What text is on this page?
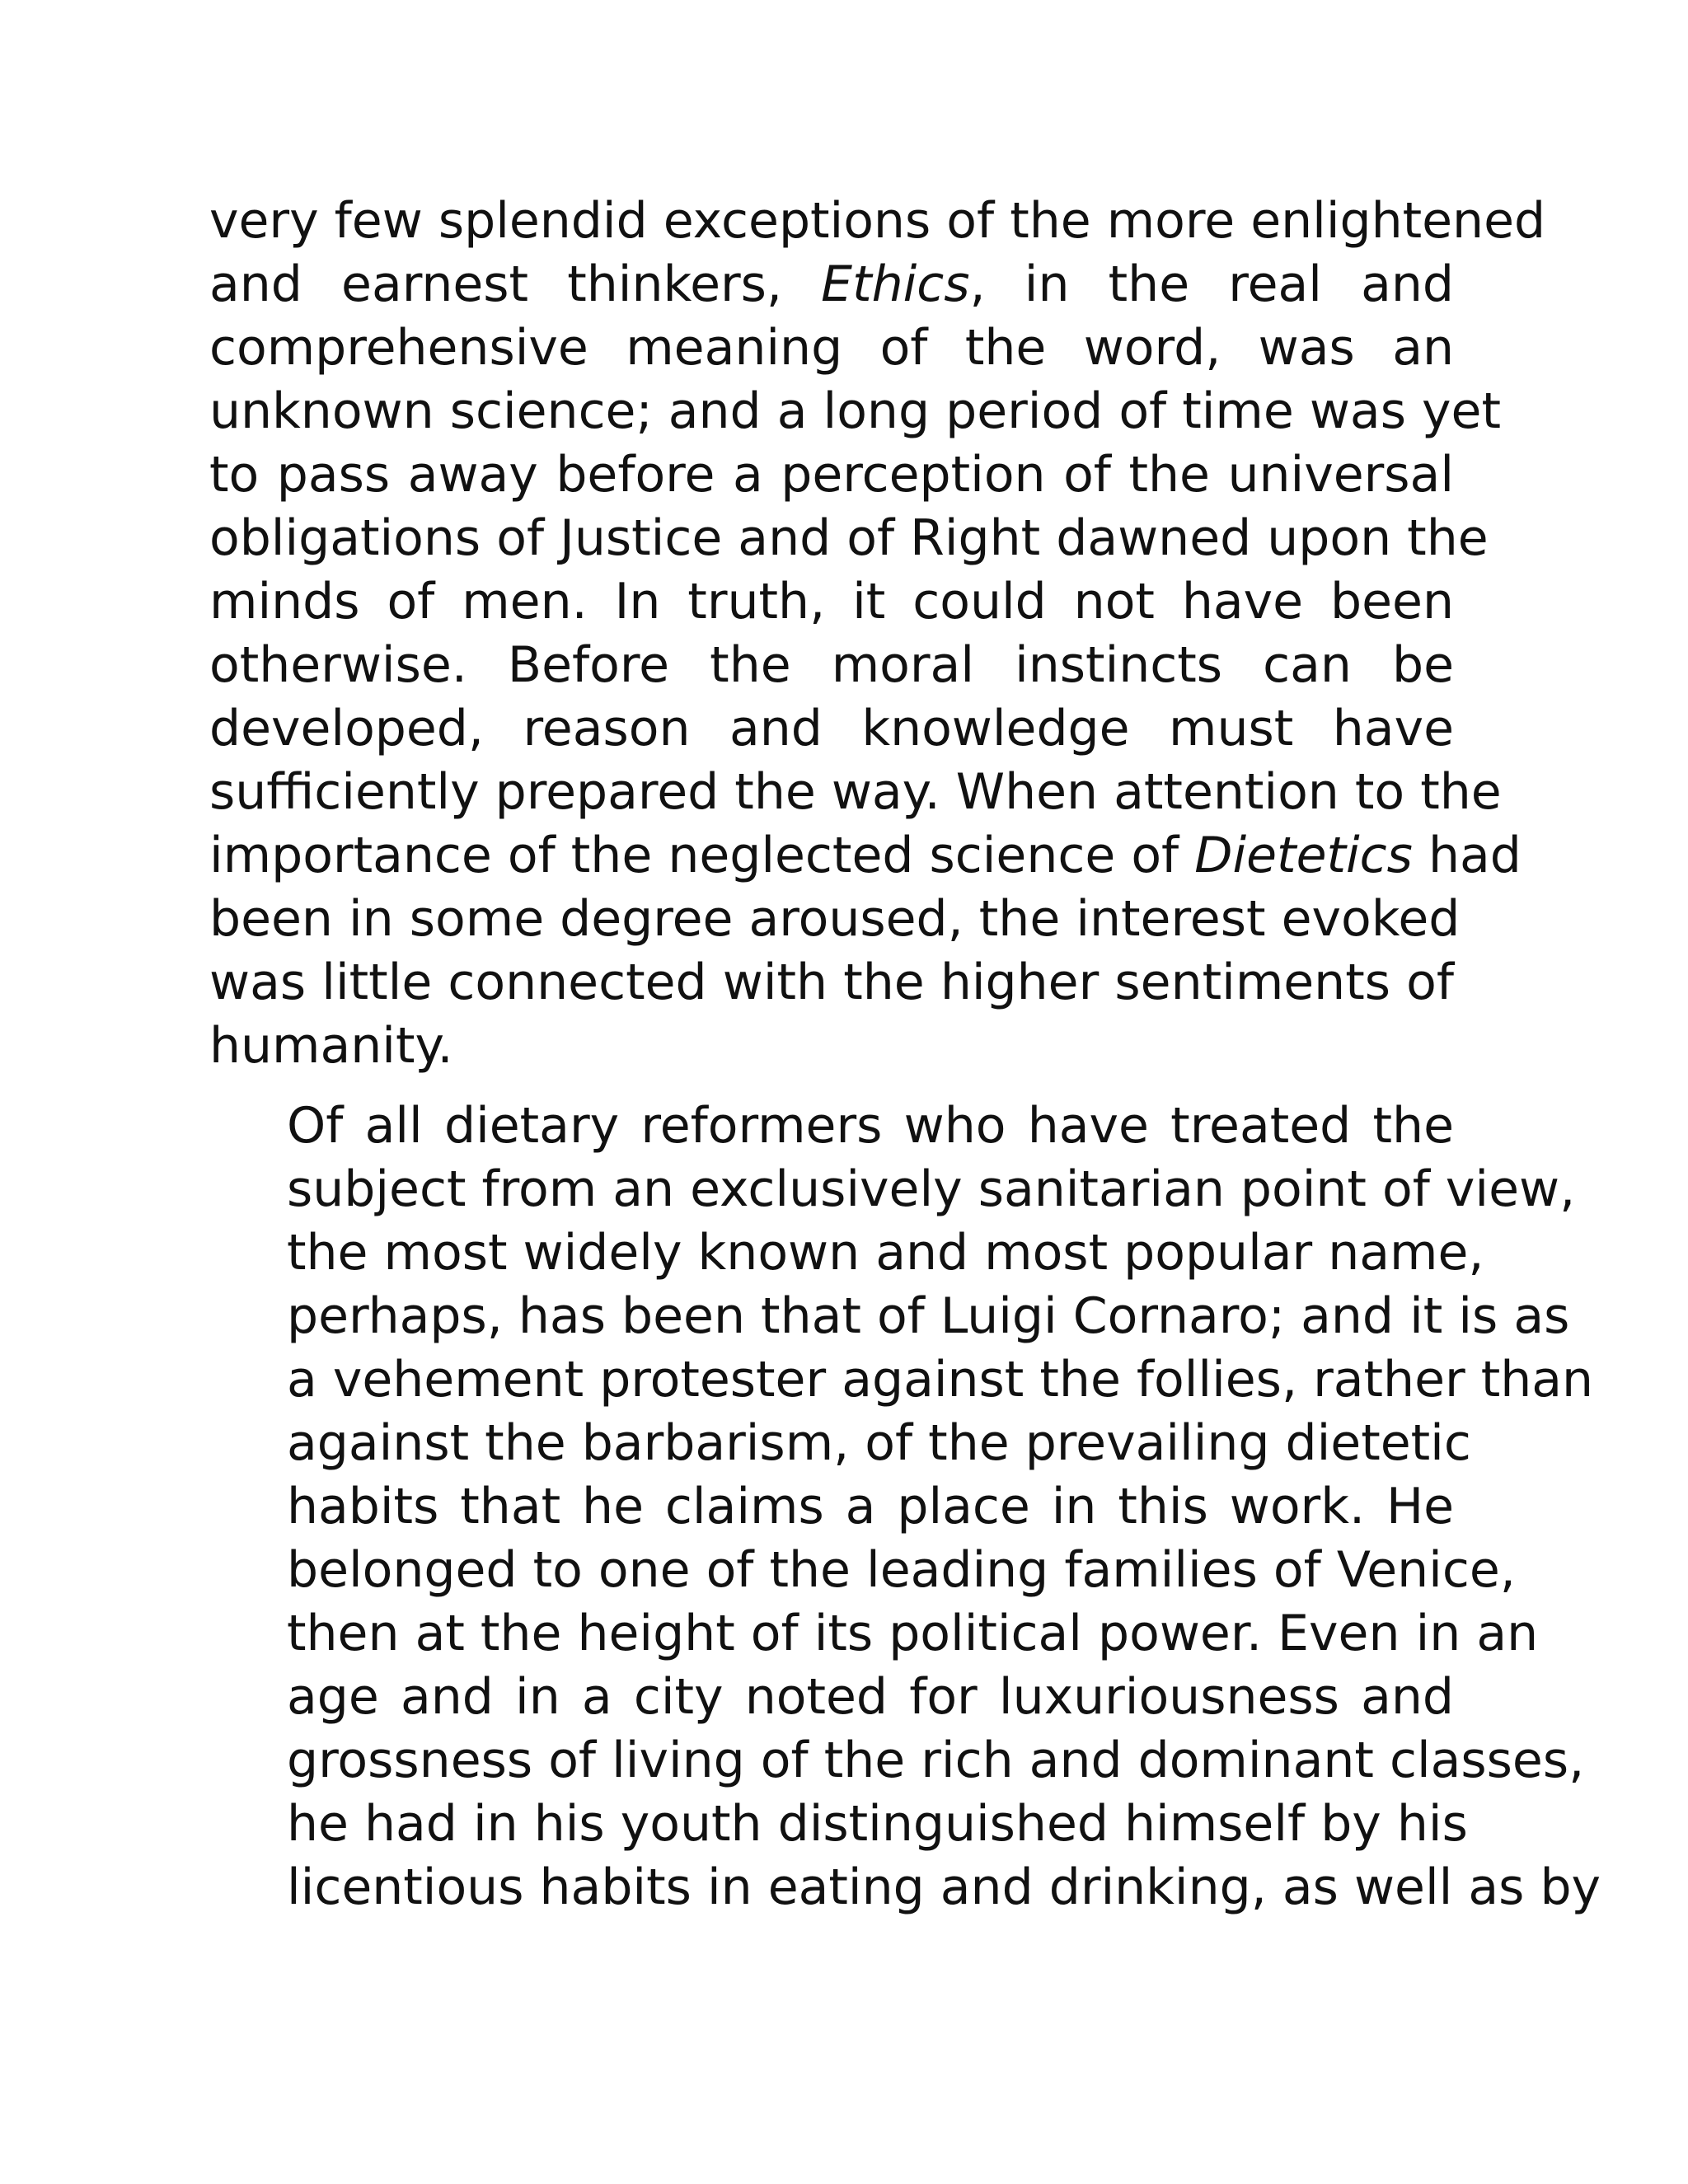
very few splendid exceptions of the more enlightened
and earnest thinkers, Ethics, in the real and
comprehensive meaning of the word, was an
unknown science; and a long period of time was yet
to pass away before a perception of the universal
obligations of Justice and of Right dawned upon the
minds of men. In truth, it could not have been
otherwise. Before the moral instincts can be
developed, reason and knowledge must have
sufficiently prepared the way. When attention to the
importance of the neglected science of Dietetics had
been in some degree aroused, the interest evoked
was little connected with the higher sentiments of
humanity.

Of all dietary reformers who have treated the
subject from an exclusively sanitarian point of view,
the most widely known and most popular name,
perhaps, has been that of Luigi Cornaro; and it is as
a vehement protester against the follies, rather than
against the barbarism, of the prevailing dietetic
habits that he claims a place in this work. He
belonged to one of the leading families of Venice,
then at the height of its political power. Even in an
age and in a city noted for luxuriousness and
grossness of living of the rich and dominant classes,
he had in his youth distinguished himself by his
licentious habits in eating and drinking, as well as by
